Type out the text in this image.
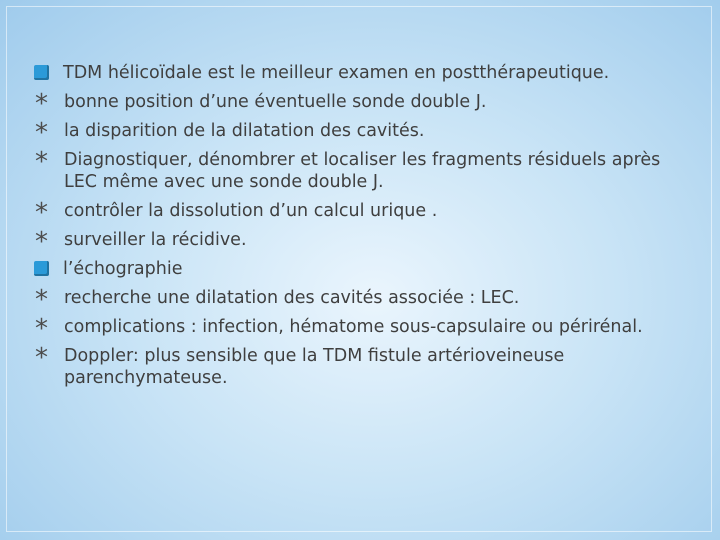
TDM hélicoïdale est le meilleur examen en postthérapeutique.
* bonne position d’une éventuelle sonde double J.
* la disparition de la dilatation des cavités.
* Diagnostiquer, dénombrer et localiser les fragments résiduels après LEC même avec une sonde double J.
* contrôler la dissolution d’un calcul urique .
* surveiller la récidive.
l’échographie
* recherche une dilatation des cavités associée : LEC.
* complications : infection, hématome sous-capsulaire ou périrénal.
* Doppler: plus sensible que la TDM fistule artérioveineuse parenchymateuse.
